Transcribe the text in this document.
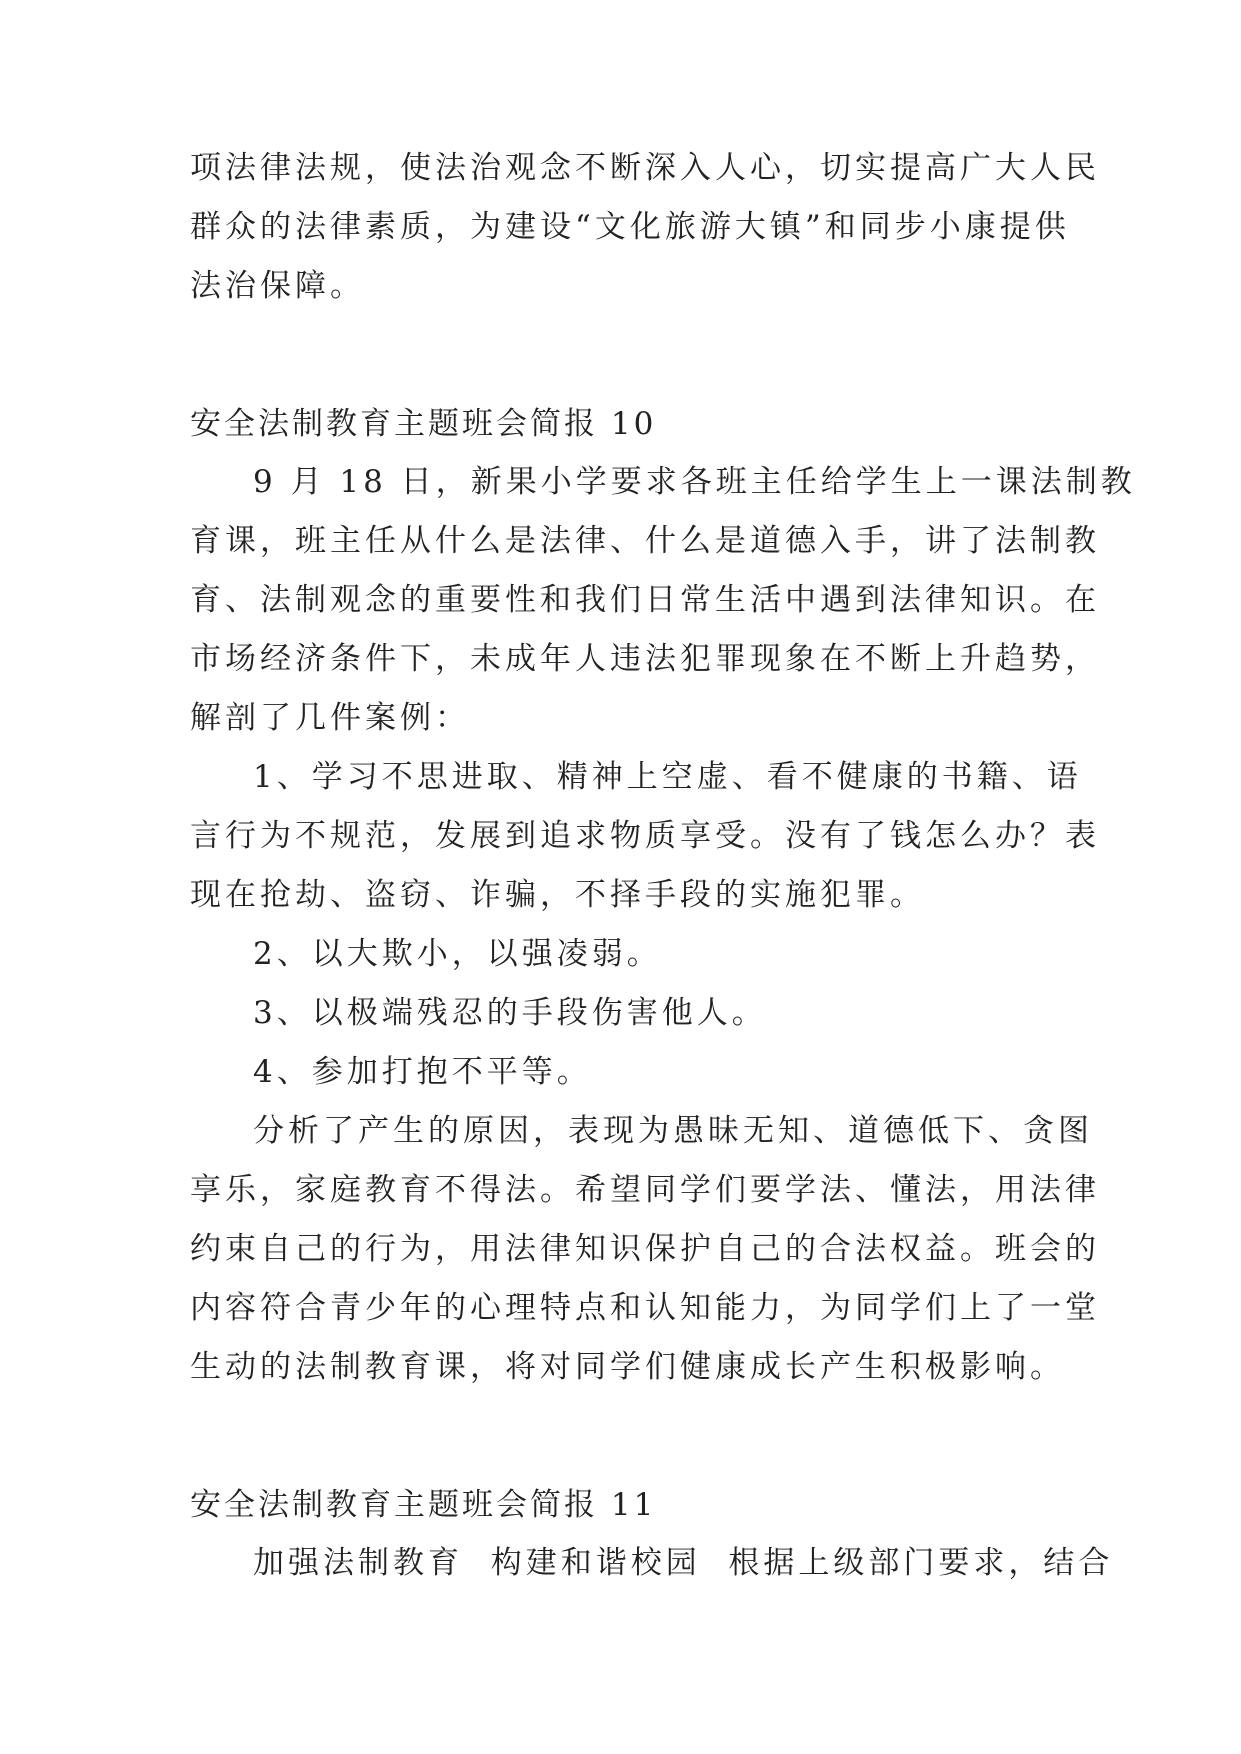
项法律法规，使法治观念不断深入人心，切实提高广大人民
群众的法律素质，为建设“文化旅游大镇”和同步小康提供
法治保障。
安全法制教育主题班会简报 10
9 月 18 日，新果小学要求各班主任给学生上一课法制教
育课，班主任从什么是法律、什么是道德入手，讲了法制教
育、法制观念的重要性和我们日常生活中遇到法律知识。在
市场经济条件下，未成年人违法犯罪现象在不断上升趋势，
解剖了几件案例：
1、学习不思进取、精神上空虚、看不健康的书籍、语
言行为不规范，发展到追求物质享受。没有了钱怎么办？表
现在抢劫、盗窃、诈骗，不择手段的实施犯罪。
2、以大欺小，以强凌弱。
3、以极端残忍的手段伤害他人。
4、参加打抱不平等。
分析了产生的原因，表现为愚昧无知、道德低下、贪图
享乐，家庭教育不得法。希望同学们要学法、懂法，用法律
约束自己的行为，用法律知识保护自己的合法权益。班会的
内容符合青少年的心理特点和认知能力，为同学们上了一堂
生动的法制教育课，将对同学们健康成长产生积极影响。
安全法制教育主题班会简报 11
加强法制教育  构建和谐校园  根据上级部门要求，结合
